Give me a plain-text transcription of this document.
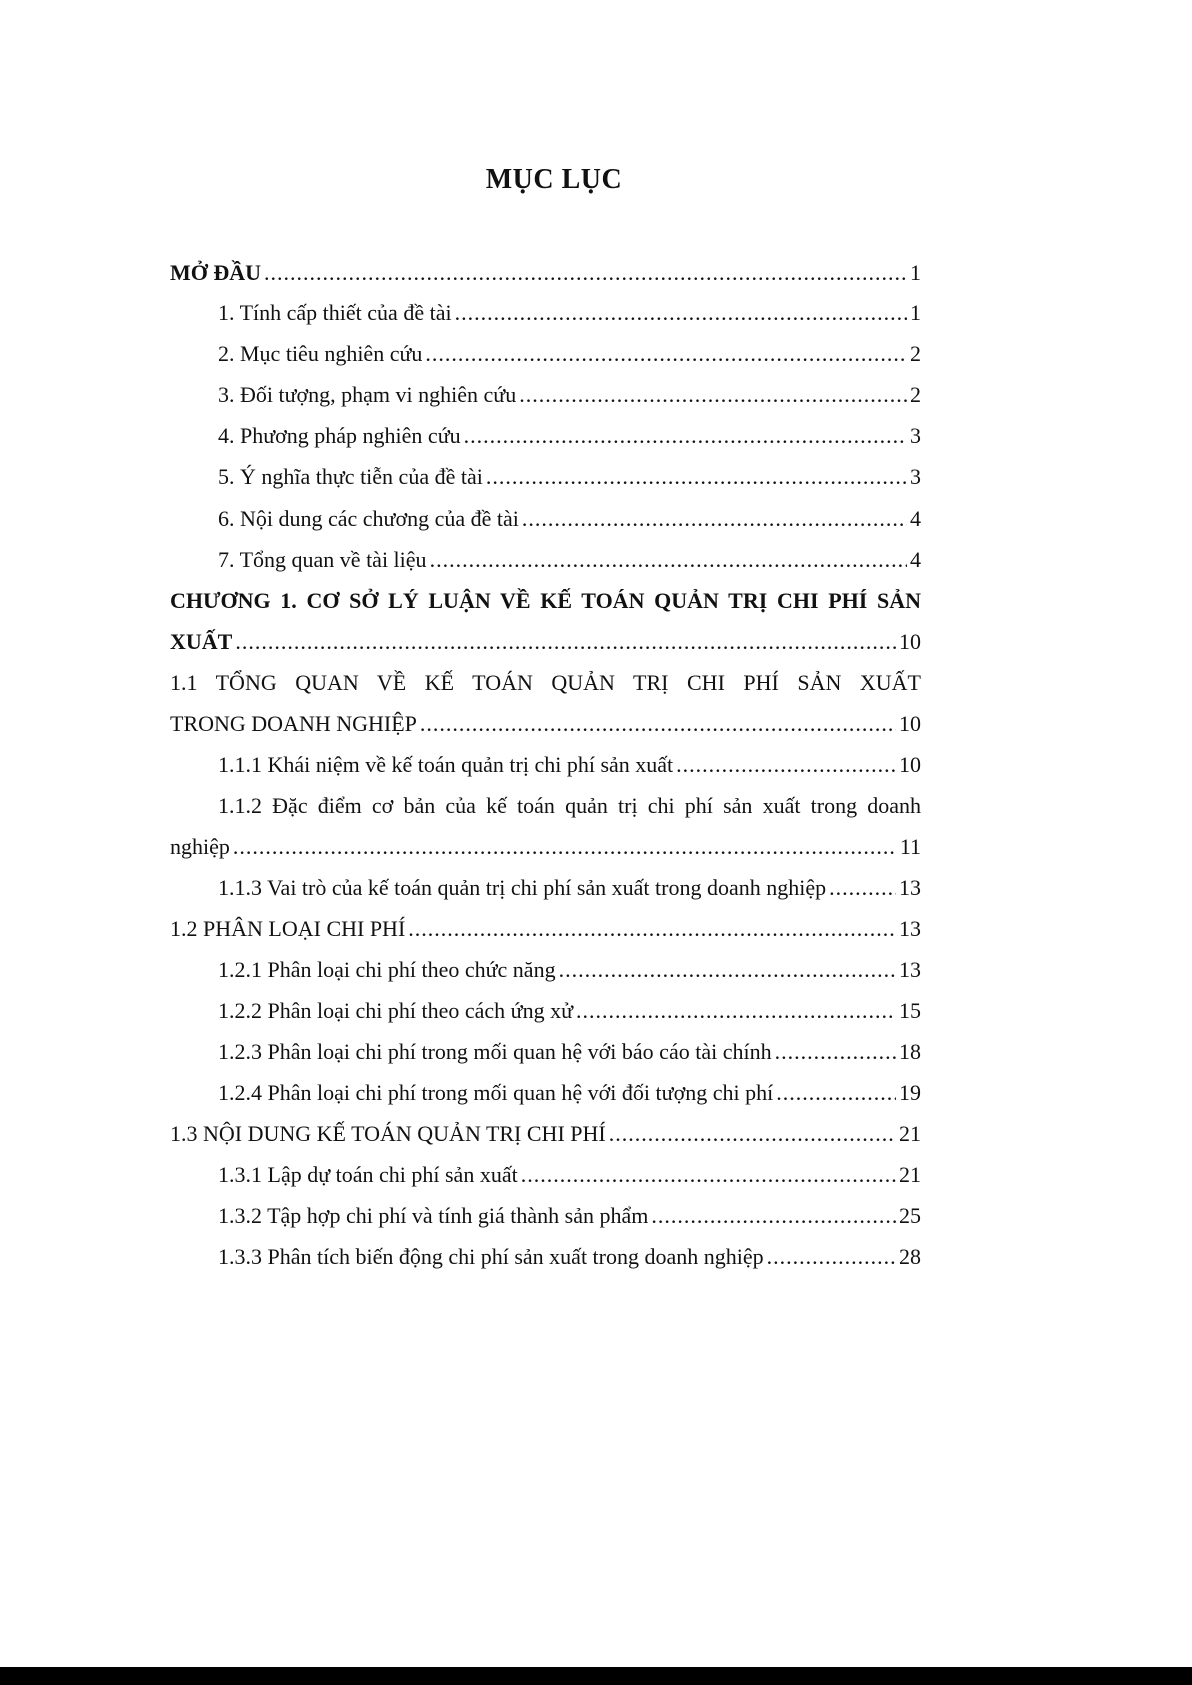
MỤC LỤC
MỞ ĐẦU .....	1
1. Tính cấp thiết của đề tài .....	1
2. Mục tiêu nghiên cứu .....	2
3. Đối tượng, phạm vi nghiên cứu .....	2
4. Phương pháp nghiên cứu .....	3
5. Ý nghĩa thực tiễn của đề tài .....	3
6. Nội dung các chương của đề tài .....	4
7. Tổng quan về tài liệu .....	4
CHƯƠNG 1. CƠ SỞ LÝ LUẬN VỀ KẾ TOÁN QUẢN TRỊ CHI PHÍ SẢN
XUẤT .....	10
1.1 TỔNG QUAN VỀ KẾ TOÁN QUẢN TRỊ CHI PHÍ SẢN XUẤT
TRONG DOANH NGHIỆP .....	10
1.1.1 Khái niệm về kế toán quản trị chi phí sản xuất .....	10
1.1.2 Đặc điểm cơ bản của kế toán quản trị chi phí sản xuất trong doanh
nghiệp .....	11
1.1.3 Vai trò của kế toán quản trị chi phí sản xuất trong doanh nghiệp .....	13
1.2 PHÂN LOẠI CHI PHÍ .....	13
1.2.1 Phân loại chi phí theo chức năng .....	13
1.2.2 Phân loại chi phí theo cách ứng xử .....	15
1.2.3 Phân loại chi phí trong mối quan hệ với báo cáo tài chính .....	18
1.2.4 Phân loại chi phí trong mối quan hệ với đối tượng chi phí .....	19
1.3 NỘI DUNG KẾ TOÁN QUẢN TRỊ CHI PHÍ .....	21
1.3.1 Lập dự toán chi phí sản xuất .....	21
1.3.2 Tập hợp chi phí và tính giá thành sản phẩm .....	25
1.3.3 Phân tích biến động chi phí sản xuất trong doanh nghiệp .....	28
